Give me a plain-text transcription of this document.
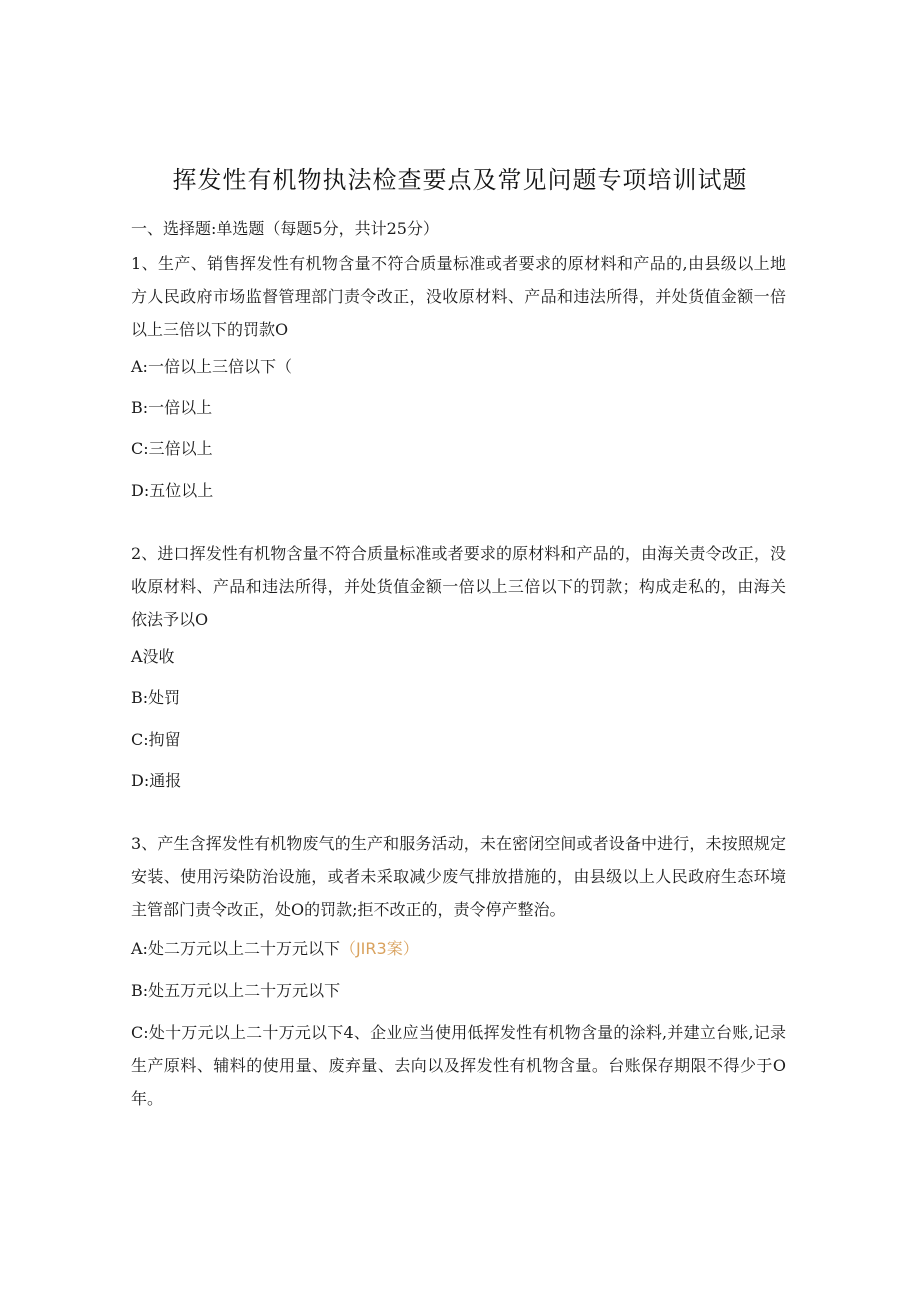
挥发性有机物执法检查要点及常见问题专项培训试题
一、选择题:单选题（每题5分，共计25分）
1、生产、销售挥发性有机物含量不符合质量标准或者要求的原材料和产品的,由县级以上地方人民政府市场监督管理部门责令改正，没收原材料、产品和违法所得，并处货值金额一倍以上三倍以下的罚款O
A:一倍以上三倍以下（
B:一倍以上
C:三倍以上
D:五位以上
2、进口挥发性有机物含量不符合质量标准或者要求的原材料和产品的，由海关责令改正，没收原材料、产品和违法所得，并处货值金额一倍以上三倍以下的罚款；构成走私的，由海关依法予以O
A没收
B:处罚
C:拘留
D:通报
3、产生含挥发性有机物废气的生产和服务活动，未在密闭空间或者设备中进行，未按照规定安装、使用污染防治设施，或者未采取减少废气排放措施的，由县级以上人民政府生态环境主管部门责令改正，处O的罚款;拒不改正的，责令停产整治。
A:处二万元以上二十万元以下（JIR3案）
B:处五万元以上二十万元以下
C:处十万元以上二十万元以下4、企业应当使用低挥发性有机物含量的涂料,并建立台账,记录生产原料、辅料的使用量、废弃量、去向以及挥发性有机物含量。台账保存期限不得少于O年。
